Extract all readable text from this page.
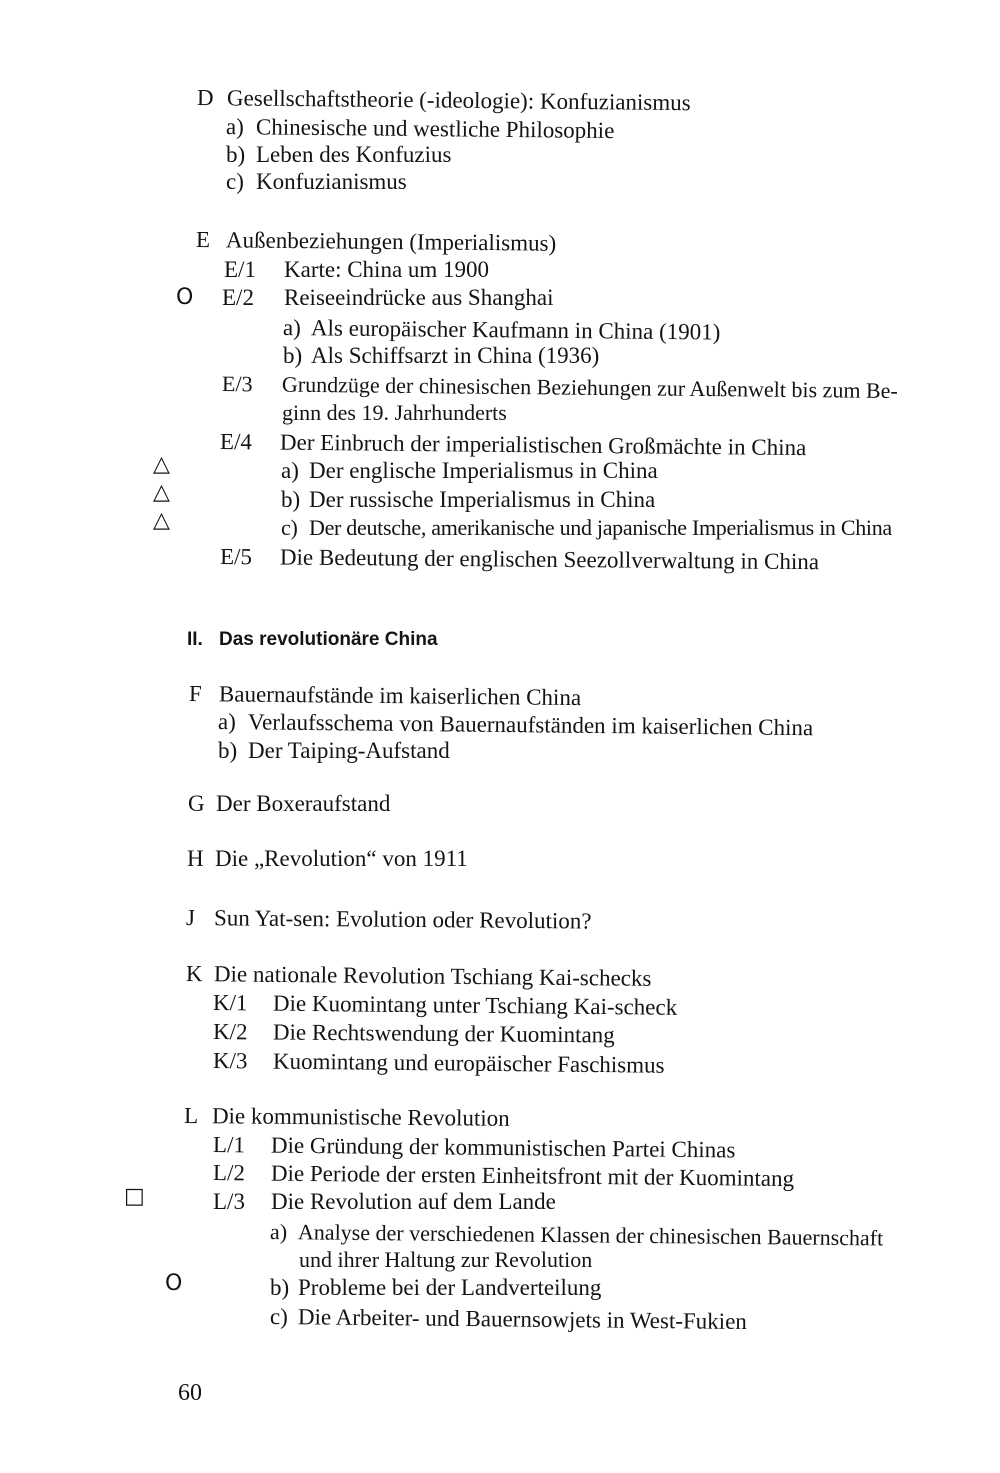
D Gesellschaftstheorie (-ideologie): Konfuzianismus
a) Chinesische und westliche Philosophie
b) Leben des Konfuzius
c) Konfuzianismus
E Außenbeziehungen (Imperialismus)
E/1 Karte: China um 1900
O E/2 Reiseeindrücke aus Shanghai
a) Als europäischer Kaufmann in China (1901)
b) Als Schiffsarzt in China (1936)
E/3 Grundzüge der chinesischen Beziehungen zur Außenwelt bis zum Be-
ginn des 19. Jahrhunderts
E/4 Der Einbruch der imperialistischen Großmächte in China
△	a) Der englische Imperialismus in China
△	b) Der russische Imperialismus in China
△	c) Der deutsche, amerikanische und japanische Imperialismus in China
E/5 Die Bedeutung der englischen Seezollverwaltung in China
II. Das revolutionäre China
F Bauernaufstände im kaiserlichen China
a) Verlaufsschema von Bauernaufständen im kaiserlichen China
b) Der Taiping-Aufstand
G Der Boxeraufstand
H Die „Revolution“ von 1911
J Sun Yat-sen: Evolution oder Revolution?
K Die nationale Revolution Tschiang Kai-schecks
K/1 Die Kuomintang unter Tschiang Kai-scheck
K/2 Die Rechtswendung der Kuomintang
K/3 Kuomintang und europäischer Faschismus
L Die kommunistische Revolution
L/1 Die Gründung der kommunistischen Partei Chinas
L/2 Die Periode der ersten Einheitsfront mit der Kuomintang
□	L/3 Die Revolution auf dem Lande
a) Analyse der verschiedenen Klassen der chinesischen Bauernschaft
und ihrer Haltung zur Revolution
O	b) Probleme bei der Landverteilung
c) Die Arbeiter- und Bauernsowjets in West-Fukien
60
